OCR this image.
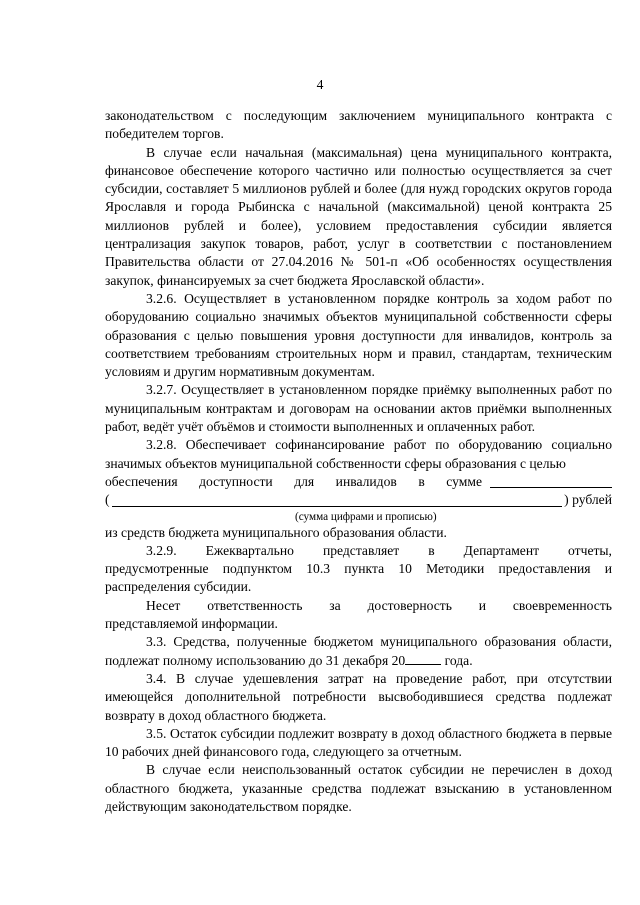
4

законодательством с последующим заключением муниципального контракта с победителем торгов.

В случае если начальная (максимальная) цена муниципального контракта, финансовое обеспечение которого частично или полностью осуществляется за счет субсидии, составляет 5 миллионов рублей и более (для нужд городских округов города Ярославля и города Рыбинска с начальной (максимальной) ценой контракта 25 миллионов рублей и более), условием предоставления субсидии является централизация закупок товаров, работ, услуг в соответствии с постановлением Правительства области от 27.04.2016 № 501-п «Об особенностях осуществления закупок, финансируемых за счет бюджета Ярославской области».

3.2.6. Осуществляет в установленном порядке контроль за ходом работ по оборудованию социально значимых объектов муниципальной собственности сферы образования с целью повышения уровня доступности для инвалидов, контроль за соответствием требованиям строительных норм и правил, стандартам, техническим условиям и другим нормативным документам.

3.2.7. Осуществляет в установленном порядке приёмку выполненных работ по муниципальным контрактам и договорам на основании актов приёмки выполненных работ, ведёт учёт объёмов и стоимости выполненных и оплаченных работ.

3.2.8. Обеспечивает софинансирование работ по оборудованию социально значимых объектов муниципальной собственности сферы образования с целью

обеспечения доступности для инвалидов в сумме
(	) рублей

(сумма цифрами и прописью)

из средств бюджета муниципального образования области.

3.2.9. Ежеквартально представляет в Департамент отчеты,

предусмотренные подпунктом 10.3 пункта 10 Методики предоставления и распределения субсидии.

Несет ответственность за достоверность и своевременность

представляемой информации.

3.3. Средства, полученные бюджетом муниципального образования области, подлежат полному использованию до 31 декабря 20	года.

3.4. В случае удешевления затрат на проведение работ, при отсутствии имеющейся дополнительной потребности высвободившиеся средства подлежат возврату в доход областного бюджета.

3.5. Остаток субсидии подлежит возврату в доход областного бюджета в первые 10 рабочих дней финансового года, следующего за отчетным.

В случае если неиспользованный остаток субсидии не перечислен в доход областного бюджета, указанные средства подлежат взысканию в установленном действующим законодательством порядке.
